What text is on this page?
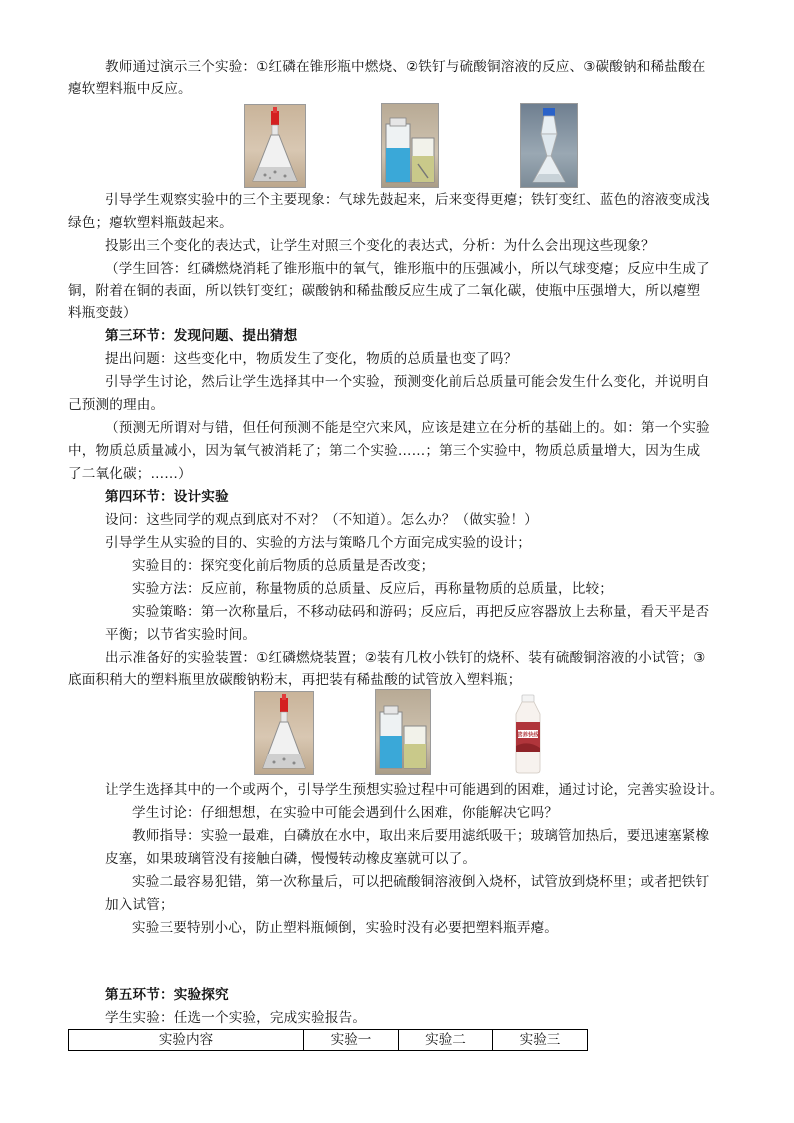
教师通过演示三个实验：①红磷在锥形瓶中燃烧、②铁钉与硫酸铜溶液的反应、③碳酸钠和稀盐酸在
瘪软塑料瓶中反应。
引导学生观察实验中的三个主要现象：气球先鼓起来，后来变得更瘪；铁钉变红、蓝色的溶液变成浅
绿色；瘪软塑料瓶鼓起来。
投影出三个变化的表达式，让学生对照三个变化的表达式，分析：为什么会出现这些现象？
（学生回答：红磷燃烧消耗了锥形瓶中的氧气，锥形瓶中的压强减小，所以气球变瘪；反应中生成了
铜，附着在铜的表面，所以铁钉变红；碳酸钠和稀盐酸反应生成了二氧化碳，使瓶中压强增大，所以瘪塑
料瓶变鼓）
第三环节：发现问题、提出猜想
提出问题：这些变化中，物质发生了变化，物质的总质量也变了吗？
引导学生讨论，然后让学生选择其中一个实验，预测变化前后总质量可能会发生什么变化，并说明自
己预测的理由。
（预测无所谓对与错，但任何预测不能是空穴来风，应该是建立在分析的基础上的。如：第一个实验
中，物质总质量减小，因为氧气被消耗了；第二个实验……；第三个实验中，物质总质量增大，因为生成
了二氧化碳；……）
第四环节：设计实验
设问：这些同学的观点到底对不对？（不知道）。怎么办？（做实验！）
引导学生从实验的目的、实验的方法与策略几个方面完成实验的设计；
实验目的：探究变化前后物质的总质量是否改变；
实验方法：反应前，称量物质的总质量、反应后，再称量物质的总质量，比较；
实验策略：第一次称量后，不移动砝码和游码；反应后，再把反应容器放上去称量，看天平是否
平衡；以节省实验时间。
出示准备好的实验装置：①红磷燃烧装置；②装有几枚小铁钉的烧杯、装有硫酸铜溶液的小试管；③
底面积稍大的塑料瓶里放碳酸钠粉末，再把装有稀盐酸的试管放入塑料瓶；
让学生选择其中的一个或两个，引导学生预想实验过程中可能遇到的困难，通过讨论，完善实验设计。
学生讨论：仔细想想，在实验中可能会遇到什么困难，你能解决它吗？
教师指导：实验一最难，白磷放在水中，取出来后要用滤纸吸干；玻璃管加热后，要迅速塞紧橡
皮塞，如果玻璃管没有接触白磷，慢慢转动橡皮塞就可以了。
实验二最容易犯错，第一次称量后，可以把硫酸铜溶液倒入烧杯，试管放到烧杯里；或者把铁钉
加入试管；
实验三要特别小心，防止塑料瓶倾倒，实验时没有必要把塑料瓶弄瘪。
第五环节：实验探究
学生实验：任选一个实验，完成实验报告。
营养快线
实验内容	实验一	实验二	实验三
